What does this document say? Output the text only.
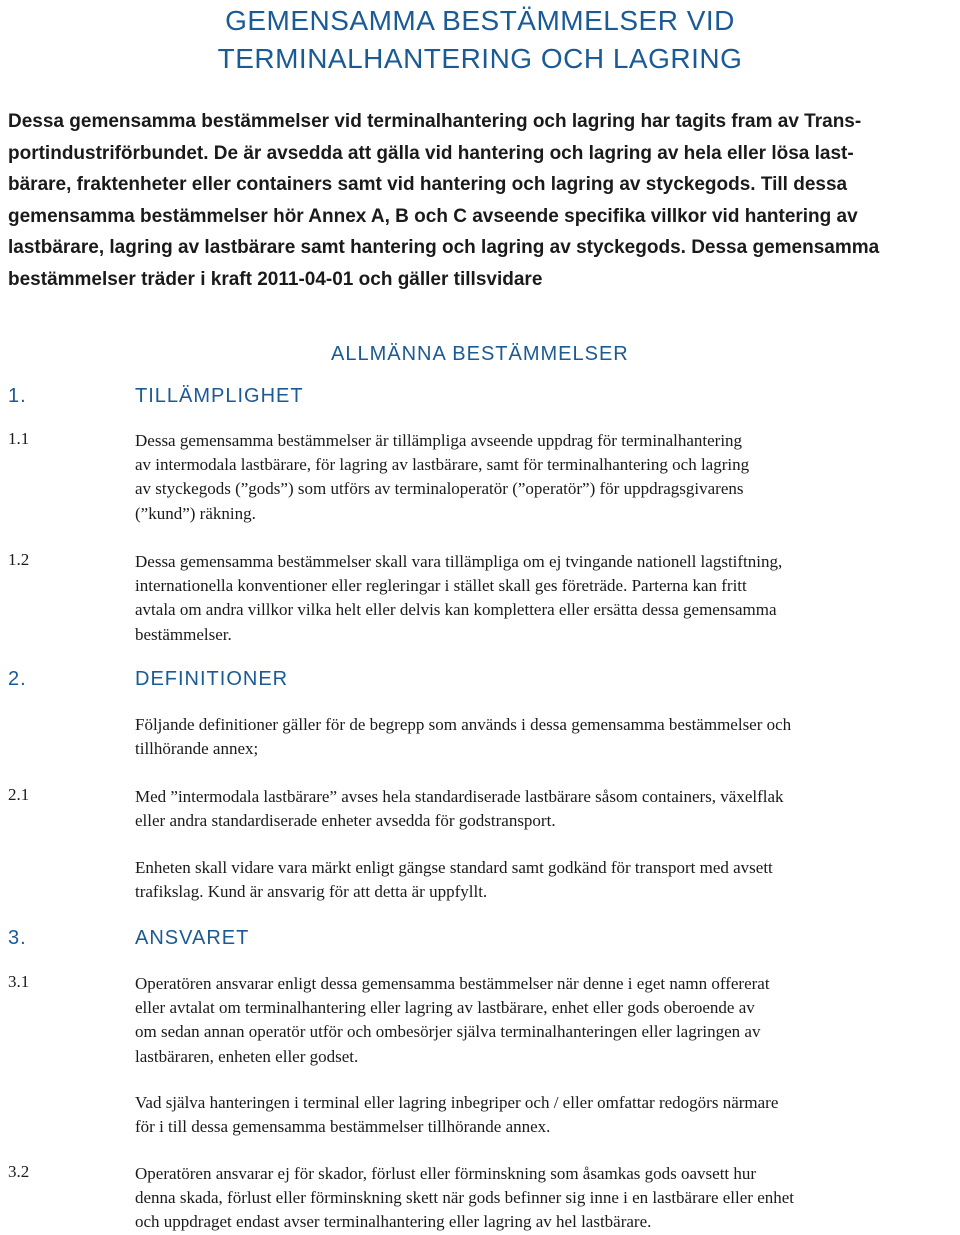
GEMENSAMMA BESTÄMMELSER VID
TERMINALHANTERING OCH LAGRING
Dessa gemensamma bestämmelser vid terminalhantering och lagring har tagits fram av Trans-
portindustriförbundet. De är avsedda att gälla vid hantering och lagring av hela eller lösa last-
bärare, fraktenheter eller containers samt vid hantering och lagring av styckegods. Till dessa
gemensamma bestämmelser hör Annex A, B och C avseende specifika villkor vid hantering av
lastbärare, lagring av lastbärare samt hantering och lagring av styckegods. Dessa gemensamma
bestämmelser träder i kraft 2011-04-01 och gäller tillsvidare
ALLMÄNNA BESTÄMMELSER
1.	TILLÄMPLIGHET
1.1	Dessa gemensamma bestämmelser är tillämpliga avseende uppdrag för terminalhantering
av intermodala lastbärare, för lagring av lastbärare, samt för terminalhantering och lagring
av styckegods (”gods”) som utförs av terminaloperatör (”operatör”) för uppdragsgivarens
(”kund”) räkning.
1.2	Dessa gemensamma bestämmelser skall vara tillämpliga om ej tvingande nationell lagstiftning,
internationella konventioner eller regleringar i stället skall ges företräde. Parterna kan fritt
avtala om andra villkor vilka helt eller delvis kan komplettera eller ersätta dessa gemensamma
bestämmelser.
2.	DEFINITIONER
Följande definitioner gäller för de begrepp som används i dessa gemensamma bestämmelser och
tillhörande annex;
2.1	Med ”intermodala lastbärare” avses hela standardiserade lastbärare såsom containers, växelflak
eller andra standardiserade enheter avsedda för godstransport.
Enheten skall vidare vara märkt enligt gängse standard samt godkänd för transport med avsett
trafikslag. Kund är ansvarig för att detta är uppfyllt.
3.	ANSVARET
3.1	Operatören ansvarar enligt dessa gemensamma bestämmelser när denne i eget namn offererat
eller avtalat om terminalhantering eller lagring av lastbärare, enhet eller gods oberoende av
om sedan annan operatör utför och ombesörjer själva terminalhanteringen eller lagringen av
lastbäraren, enheten eller godset.
Vad själva hanteringen i terminal eller lagring inbegriper och / eller omfattar redogörs närmare
för i till dessa gemensamma bestämmelser tillhörande annex.
3.2	Operatören ansvarar ej för skador, förlust eller förminskning som åsamkas gods oavsett hur
denna skada, förlust eller förminskning skett när gods befinner sig inne i en lastbärare eller enhet
och uppdraget endast avser terminalhantering eller lagring av hel lastbärare.
